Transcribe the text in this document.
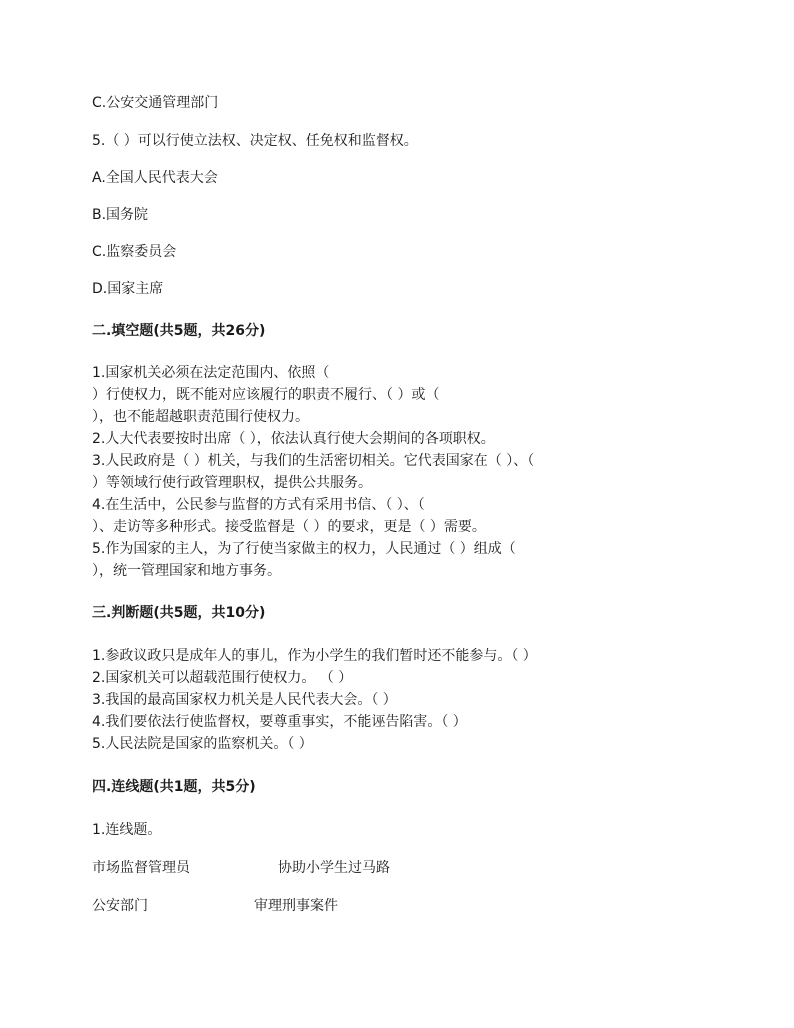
C.公安交通管理部门
5.（ ）可以行使立法权、决定权、任免权和监督权。
A.全国人民代表大会
B.国务院
C.监察委员会
D.国家主席
二.填空题(共5题，共26分)
1.国家机关必须在法定范围内、依照（
）行使权力，既不能对应该履行的职责不履行、（ ）或（
），也不能超越职责范围行使权力。
2.人大代表要按时出席（ ），依法认真行使大会期间的各项职权。
3.人民政府是（ ）机关，与我们的生活密切相关。它代表国家在（ ）、（
）等领域行使行政管理职权，提供公共服务。
4.在生活中，公民参与监督的方式有采用书信、（ ）、（
）、走访等多种形式。接受监督是（ ）的要求，更是（ ）需要。
5.作为国家的主人，为了行使当家做主的权力，人民通过（ ）组成（
），统一管理国家和地方事务。
三.判断题(共5题，共10分)
1.参政议政只是成年人的事儿，作为小学生的我们暂时还不能参与。（ ）
2.国家机关可以超载范围行使权力。 （ ）
3.我国的最高国家权力机关是人民代表大会。（ ）
4.我们要依法行使监督权，要尊重事实，不能诬告陷害。（ ）
5.人民法院是国家的监察机关。（ ）
四.连线题(共1题，共5分)
1.连线题。
市场监督管理员	协助小学生过马路
公安部门	审理刑事案件
